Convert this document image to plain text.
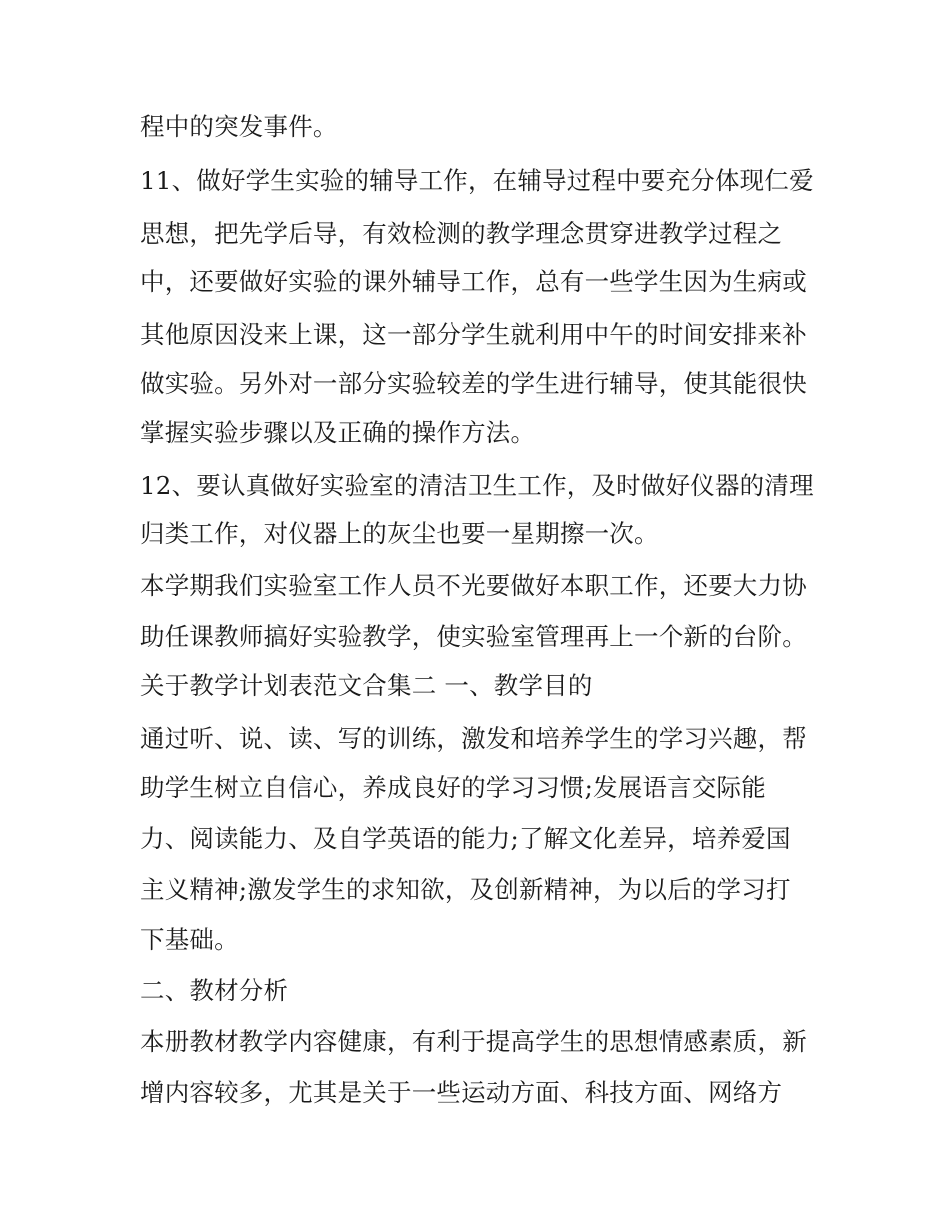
程中的突发事件。
11、做好学生实验的辅导工作，在辅导过程中要充分体现仁爱
思想，把先学后导，有效检测的教学理念贯穿进教学过程之
中，还要做好实验的课外辅导工作，总有一些学生因为生病或
其他原因没来上课，这一部分学生就利用中午的时间安排来补
做实验。另外对一部分实验较差的学生进行辅导，使其能很快
掌握实验步骤以及正确的操作方法。
12、要认真做好实验室的清洁卫生工作，及时做好仪器的清理
归类工作，对仪器上的灰尘也要一星期擦一次。
本学期我们实验室工作人员不光要做好本职工作，还要大力协
助任课教师搞好实验教学，使实验室管理再上一个新的台阶。
关于教学计划表范文合集二 一、教学目的
通过听、说、读、写的训练，激发和培养学生的学习兴趣，帮
助学生树立自信心，养成良好的学习习惯;发展语言交际能
力、阅读能力、及自学英语的能力;了解文化差异，培养爱国
主义精神;激发学生的求知欲，及创新精神，为以后的学习打
下基础。
二、教材分析
本册教材教学内容健康，有利于提高学生的思想情感素质，新
增内容较多，尤其是关于一些运动方面、科技方面、网络方
